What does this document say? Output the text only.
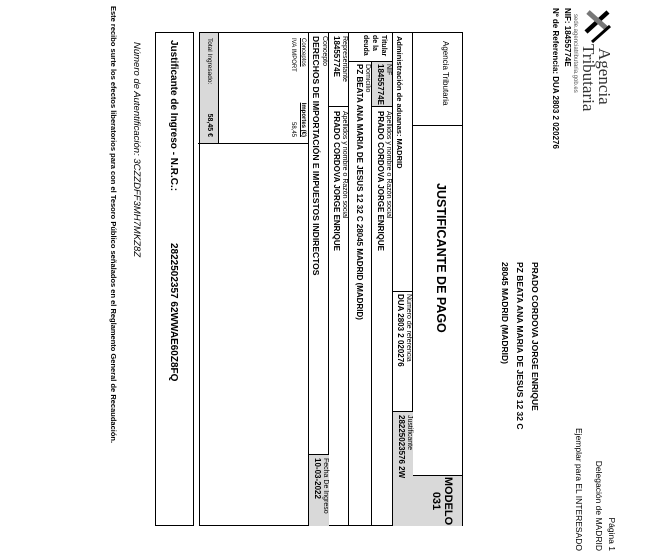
Agencia
Tributaria
sede.agenciatributaria.gob.es
Página 1
Delegación de MADRID
Ejemplar para EL INTERESADO
NIF: 18455774E
Nº de Referencia: DUA 2803 2 020276
PRADO CORDOVA JORGE ENRIQUE
PZ BEATA ANA MARIA DE JESUS 12 32 C
28045 MADRID (MADRID)
Agencia Tributaria
JUSTIFICANTE DE PAGO
MODELO
031
Administración de aduanas: MADRID
Número de referencia
DUA 2803 2 020276
Justificante
28225023576 2W
Titular de la deuda
NIF
18455774E
Apellidos y nombre o Razón social
PRADO CORDOVA JORGE ENRIQUE
Domicilio
PZ BEATA ANA MARIA DE JESUS 12 32 C 28045 MADRID (MADRID)
Representante
18455774E
Apellidos y nombre o Razón social
PRADO CORDOVA JORGE ENRIQUE
Concepto
DERECHOS DE IMPORTACIÓN E IMPUESTOS INDIRECTOS
Fecha De Ingreso
10-03-2022
Conceptos
Importes (€)
IVA IMPORT
58,45
Total Ingresado:
58,45 €
Justificante de Ingreso - N.R.C.:
2822502357 62WWAE60Z8FQ
Número de Autentificación: 3CZZDFF3MH7MKZ8Z
Este recibo surte los efectos liberatorios para con el Tesoro Público señalados en el Reglamento General de Recaudación.
